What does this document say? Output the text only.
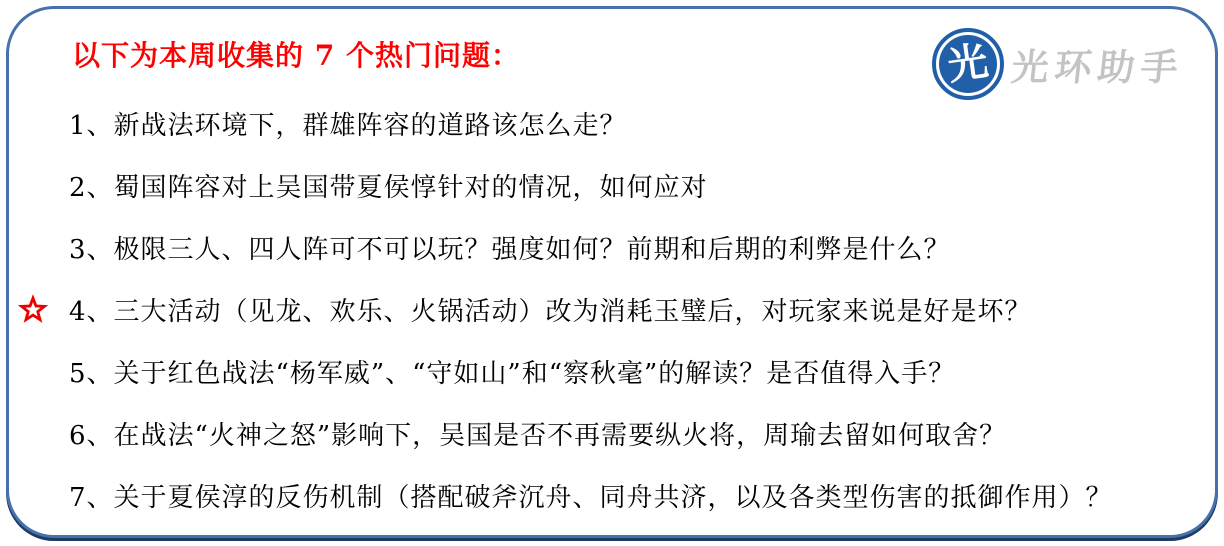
以下为本周收集的 7 个热门问题：	光 光环助手
1、新战法环境下，群雄阵容的道路该怎么走？
2、蜀国阵容对上吴国带夏侯惇针对的情况，如何应对
3、极限三人、四人阵可不可以玩？强度如何？前期和后期的利弊是什么？
4、三大活动（见龙、欢乐、火锅活动）改为消耗玉璧后，对玩家来说是好是坏？
5、关于红色战法“杨军威”、“守如山”和“察秋毫”的解读？是否值得入手？
6、在战法“火神之怒”影响下，吴国是否不再需要纵火将，周瑜去留如何取舍？
7、关于夏侯淳的反伤机制（搭配破斧沉舟、同舟共济，以及各类型伤害的抵御作用）？
